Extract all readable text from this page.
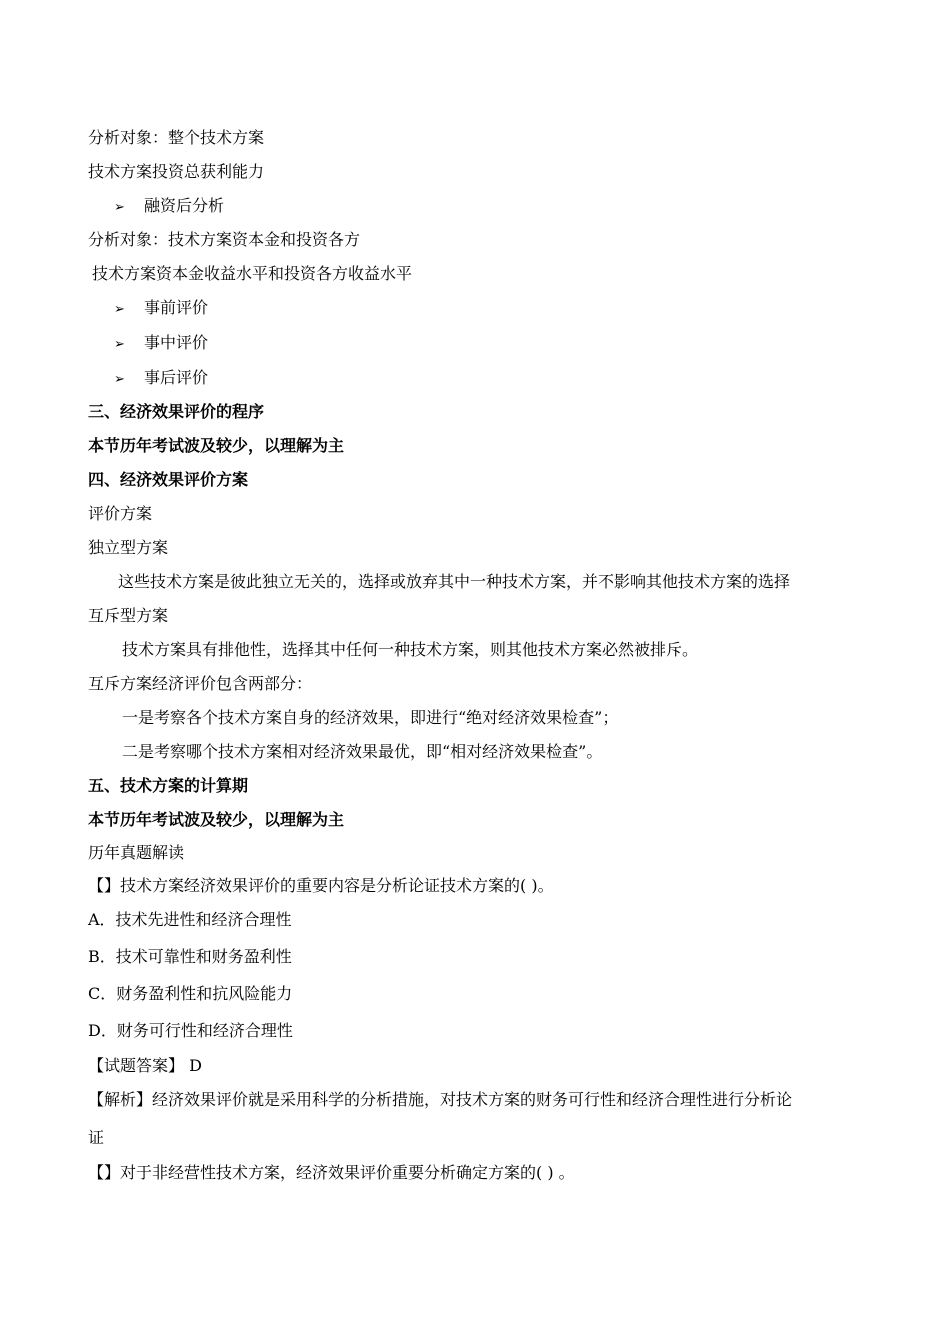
分析对象：整个技术方案
技术方案投资总获利能力
➢ 融资后分析
分析对象：技术方案资本金和投资各方
技术方案资本金收益水平和投资各方收益水平
➢ 事前评价
➢ 事中评价
➢ 事后评价
三、经济效果评价的程序
本节历年考试波及较少，以理解为主
四、经济效果评价方案
评价方案
独立型方案
这些技术方案是彼此独立无关的，选择或放弃其中一种技术方案，并不影响其他技术方案的选择
互斥型方案
技术方案具有排他性，选择其中任何一种技术方案，则其他技术方案必然被排斥。
互斥方案经济评价包含两部分：
一是考察各个技术方案自身的经济效果，即进行“绝对经济效果检查”；
二是考察哪个技术方案相对经济效果最优，即“相对经济效果检查”。
五、技术方案的计算期
本节历年考试波及较少，以理解为主
历年真题解读
【】技术方案经济效果评价的重要内容是分析论证技术方案的( )。
A．技术先进性和经济合理性
B．技术可靠性和财务盈利性
C．财务盈利性和抗风险能力
D．财务可行性和经济合理性
【试题答案】 D
【解析】经济效果评价就是采用科学的分析措施，对技术方案的财务可行性和经济合理性进行分析论
证
【】对于非经营性技术方案，经济效果评价重要分析确定方案的( ) 。
